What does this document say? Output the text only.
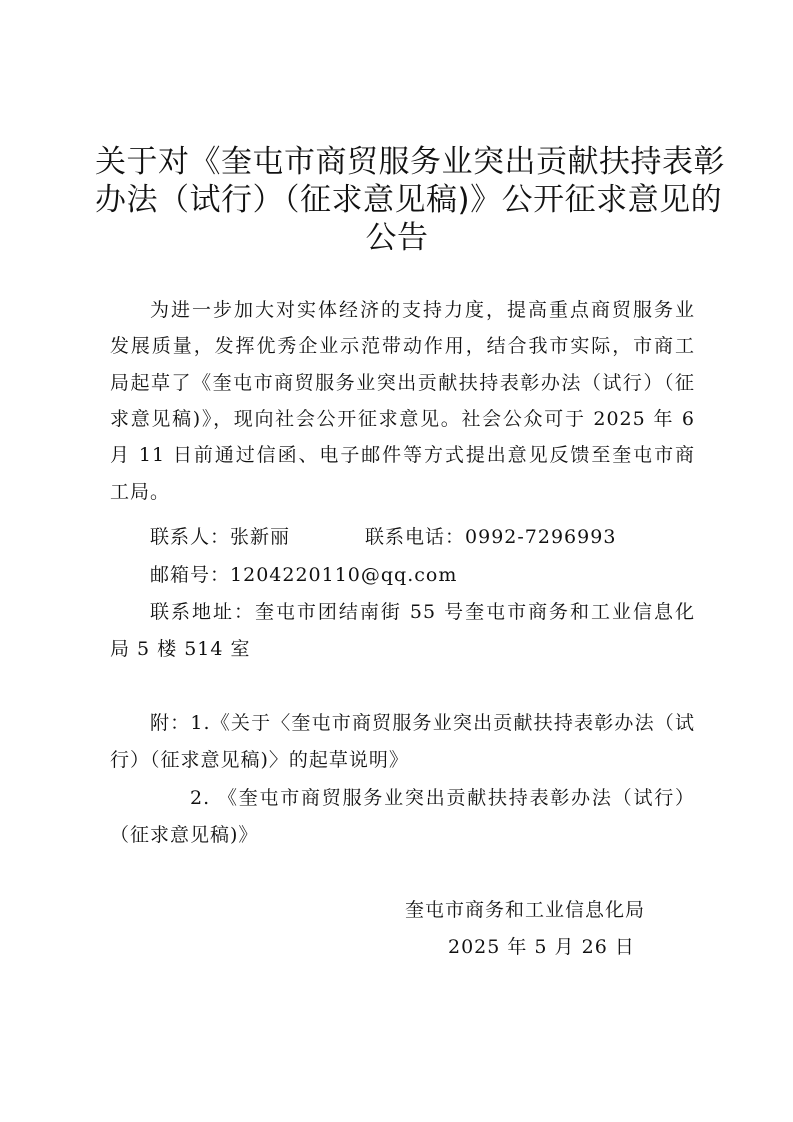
关于对《奎屯市商贸服务业突出贡献扶持表彰
办法（试行）（征求意见稿)》公开征求意见的
公告
为进一步加大对实体经济的支持力度，提高重点商贸服务业
发展质量，发挥优秀企业示范带动作用，结合我市实际，市商工
局起草了《奎屯市商贸服务业突出贡献扶持表彰办法（试行）（征
求意见稿)》，现向社会公开征求意见。社会公众可于 2025 年 6
月 11 日前通过信函、电子邮件等方式提出意见反馈至奎屯市商
工局。
联系人：张新丽	联系电话：0992-7296993
邮箱号：1204220110@qq.com
联系地址：奎屯市团结南街 55 号奎屯市商务和工业信息化
局 5 楼 514 室
附：1.《关于〈奎屯市商贸服务业突出贡献扶持表彰办法（试
行）（征求意见稿)〉的起草说明》
2. 《奎屯市商贸服务业突出贡献扶持表彰办法（试行）
（征求意见稿)》
奎屯市商务和工业信息化局
2025 年 5 月 26 日
